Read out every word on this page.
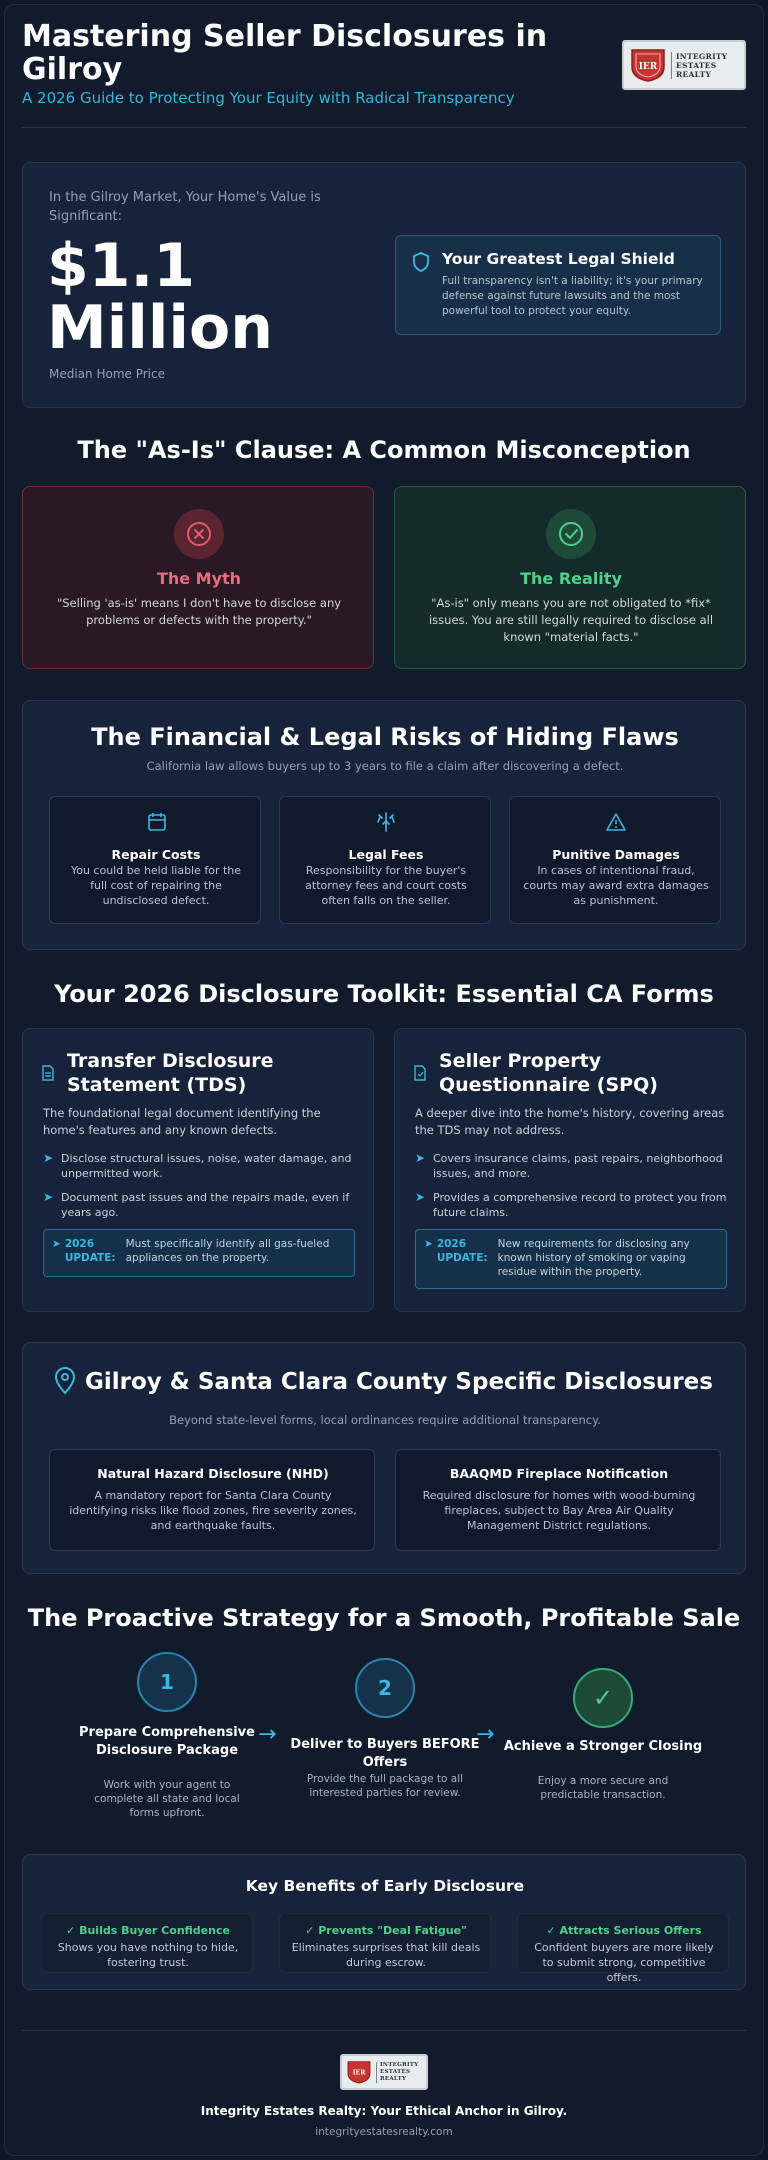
Mastering Seller Disclosures in Gilroy
A 2026 Guide to Protecting Your Equity with Radical Transparency
IER
INTEGRITY
ESTATES
REALTY
In the Gilroy Market, Your Home's Value is Significant:
$1.1
Million
Median Home Price
Your Greatest Legal Shield
Full transparency isn't a liability; it's your primary defense against future lawsuits and the most powerful tool to protect your equity.
The "As-Is" Clause: A Common Misconception
The Myth
"Selling 'as-is' means I don't have to disclose any problems or defects with the property."
The Reality
"As-is" only means you are not obligated to *fix* issues. You are still legally required to disclose all known "material facts."
The Financial & Legal Risks of Hiding Flaws
California law allows buyers up to 3 years to file a claim after discovering a defect.
Repair Costs
You could be held liable for the full cost of repairing the undisclosed defect.
Legal Fees
Responsibility for the buyer's attorney fees and court costs often falls on the seller.
Punitive Damages
In cases of intentional fraud, courts may award extra damages as punishment.
Your 2026 Disclosure Toolkit: Essential CA Forms
Transfer Disclosure Statement (TDS)
The foundational legal document identifying the home's features and any known defects.
➤ Disclose structural issues, noise, water damage, and unpermitted work.
➤ Document past issues and the repairs made, even if years ago.
➤ 2026
UPDATE:
Must specifically identify all gas-fueled appliances on the property.
Seller Property Questionnaire (SPQ)
A deeper dive into the home's history, covering areas the TDS may not address.
➤ Covers insurance claims, past repairs, neighborhood issues, and more.
➤ Provides a comprehensive record to protect you from future claims.
➤ 2026
UPDATE:
New requirements for disclosing any known history of smoking or vaping residue within the property.
Gilroy & Santa Clara County Specific Disclosures
Beyond state-level forms, local ordinances require additional transparency.
Natural Hazard Disclosure (NHD)
A mandatory report for Santa Clara County identifying risks like flood zones, fire severity zones, and earthquake faults.
BAAQMD Fireplace Notification
Required disclosure for homes with wood-burning fireplaces, subject to Bay Area Air Quality Management District regulations.
The Proactive Strategy for a Smooth, Profitable Sale
1
Prepare Comprehensive Disclosure Package
Work with your agent to complete all state and local forms upfront.
→
2
Deliver to Buyers BEFORE Offers
Provide the full package to all interested parties for review.
→
✓
Achieve a Stronger Closing
Enjoy a more secure and predictable transaction.
Key Benefits of Early Disclosure
✓ Builds Buyer Confidence
Shows you have nothing to hide, fostering trust.
✓ Prevents "Deal Fatigue"
Eliminates surprises that kill deals during escrow.
✓ Attracts Serious Offers
Confident buyers are more likely to submit strong, competitive offers.
IER
INTEGRITY
ESTATES
REALTY
Integrity Estates Realty: Your Ethical Anchor in Gilroy.
integrityestatesrealty.com
